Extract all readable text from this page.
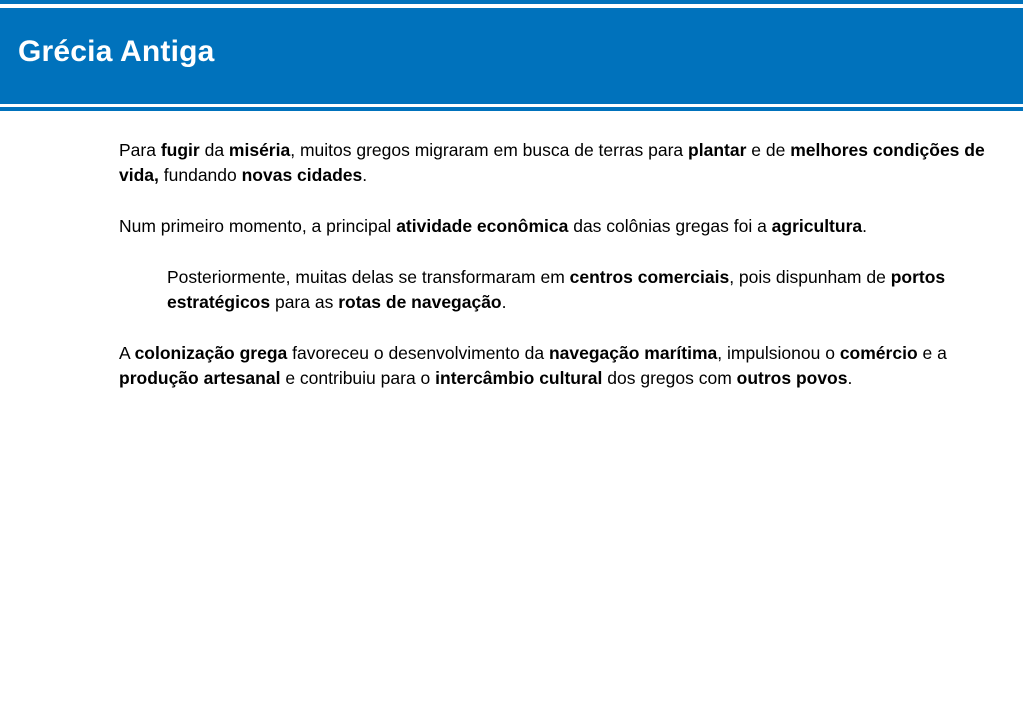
Grécia Antiga

Para fugir da miséria, muitos gregos migraram em busca de terras para plantar e de melhores condições de vida, fundando novas cidades.

Num primeiro momento, a principal atividade econômica das colônias gregas foi a agricultura.

Posteriormente, muitas delas se transformaram em centros comerciais, pois dispunham de portos estratégicos para as rotas de navegação.

A colonização grega favoreceu o desenvolvimento da navegação marítima, impulsionou o comércio e a produção artesanal e contribuiu para o intercâmbio cultural dos gregos com outros povos.
